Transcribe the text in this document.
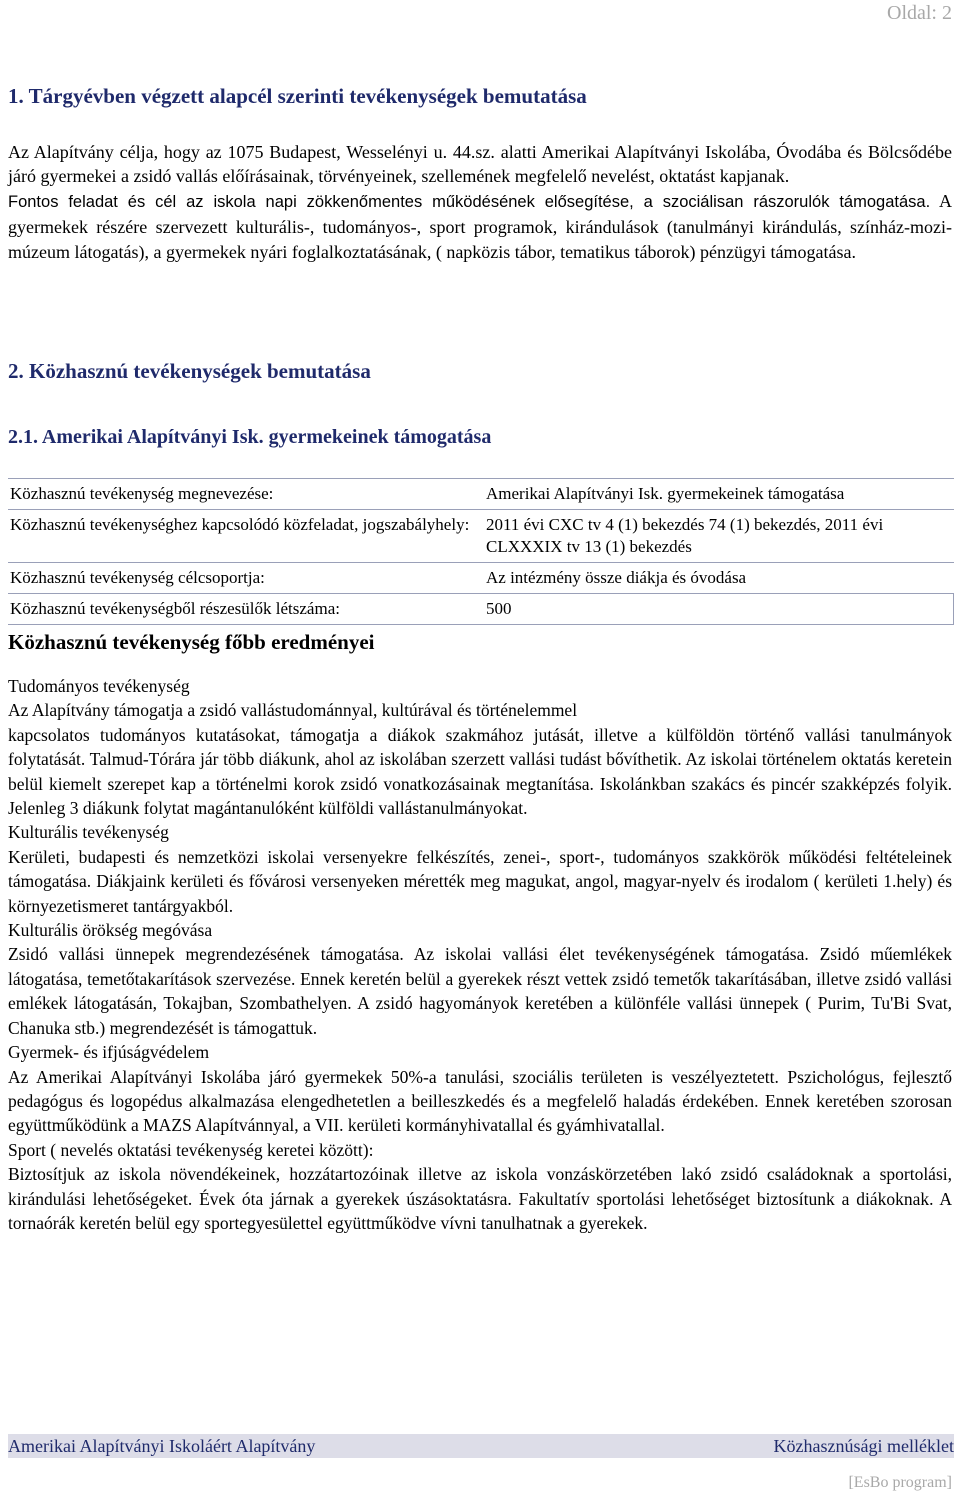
Oldal: 2
1. Tárgyévben végzett alapcél szerinti tevékenységek bemutatása

Az Alapítvány célja, hogy az 1075 Budapest, Wesselényi u. 44.sz. alatti Amerikai Alapítványi Iskolába, Óvodába és Bölcsődébe járó gyermekei a zsidó vallás előírásainak, törvényeinek, szellemének megfelelő nevelést, oktatást kapjanak.

Fontos feladat és cél az iskola napi zökkenőmentes működésének elősegítése, a szociálisan rászorulók támogatása. A gyermekek részére szervezett kulturális-, tudományos-, sport programok, kirándulások (tanulmányi kirándulás, színház-mozi- múzeum látogatás), a gyermekek nyári foglalkoztatásának, ( napközis tábor, tematikus táborok) pénzügyi támogatása.

2. Közhasznú tevékenységek bemutatása
2.1. Amerikai Alapítványi Isk. gyermekeinek támogatása
Közhasznú tevékenység megnevezése:	Amerikai Alapítványi Isk. gyermekeinek támogatása
Közhasznú tevékenységhez kapcsolódó közfeladat, jogszabályhely:	2011 évi CXC tv 4 (1) bekezdés 74 (1) bekezdés, 2011 évi CLXXXIX tv 13 (1) bekezdés
Közhasznú tevékenység célcsoportja:	Az intézmény össze diákja és óvodása
Közhasznú tevékenységből részesülők létszáma:	500
Közhasznú tevékenység főbb eredményei

Tudományos tevékenység

Az Alapítvány támogatja a zsidó vallástudománnyal, kultúrával és történelemmel

kapcsolatos tudományos kutatásokat, támogatja a diákok szakmához jutását, illetve a külföldön történő vallási tanulmányok folytatását. Talmud-Tórára jár több diákunk, ahol az iskolában szerzett vallási tudást bővíthetik. Az iskolai történelem oktatás keretein belül kiemelt szerepet kap a történelmi korok zsidó vonatkozásainak megtanítása. Iskolánkban szakács és pincér szakképzés folyik. Jelenleg 3 diákunk folytat magántanulóként külföldi vallástanulmányokat.

Kulturális tevékenység

Kerületi, budapesti és nemzetközi iskolai versenyekre felkészítés, zenei-, sport-, tudományos szakkörök működési feltételeinek támogatása. Diákjaink kerületi és fővárosi versenyeken mérették meg magukat, angol, magyar-nyelv és irodalom ( kerületi 1.hely) és környezetismeret tantárgyakból.

Kulturális örökség megóvása

Zsidó vallási ünnepek megrendezésének támogatása. Az iskolai vallási élet tevékenységének támogatása. Zsidó műemlékek látogatása, temetőtakarítások szervezése. Ennek keretén belül a gyerekek részt vettek zsidó temetők takarításában, illetve zsidó vallási emlékek látogatásán, Tokajban, Szombathelyen. A zsidó hagyományok keretében a különféle vallási ünnepek ( Purim, Tu'Bi Svat, Chanuka stb.) megrendezését is támogattuk.

Gyermek- és ifjúságvédelem

Az Amerikai Alapítványi Iskolába járó gyermekek 50%-a tanulási, szociális területen is veszélyeztetett. Pszichológus, fejlesztő pedagógus és logopédus alkalmazása elengedhetetlen a beilleszkedés és a megfelelő haladás érdekében. Ennek keretében szorosan együttműködünk a MAZS Alapítvánnyal, a VII. kerületi kormányhivatallal és gyámhivatallal.

Sport ( nevelés oktatási tevékenység keretei között):

Biztosítjuk az iskola növendékeinek, hozzátartozóinak illetve az iskola vonzáskörzetében lakó zsidó családoknak a sportolási, kirándulási lehetőségeket. Évek óta járnak a gyerekek úszásoktatásra. Fakultatív sportolási lehetőséget biztosítunk a diákoknak. A tornaórák keretén belül egy sportegyesülettel együttműködve vívni tanulhatnak a gyerekek.

Amerikai Alapítványi Iskoláért Alapítvány	Közhasznúsági melléklet
[EsBo program]
